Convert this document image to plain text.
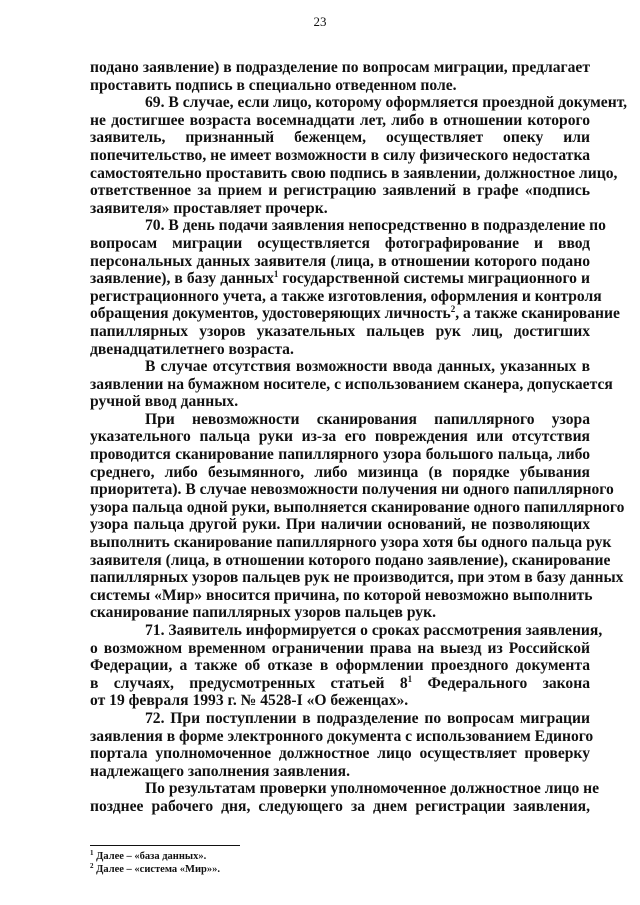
23

подано заявление) в подразделение по вопросам миграции, предлагает
проставить подпись в специально отведенном поле.

69. В случае, если лицо, которому оформляется проездной документ,
не достигшее возраста восемнадцати лет, либо в отношении которого
заявитель, признанный беженцем, осуществляет опеку или
попечительство, не имеет возможности в силу физического недостатка
самостоятельно проставить свою подпись в заявлении, должностное лицо,
ответственное за прием и регистрацию заявлений в графе «подпись
заявителя» проставляет прочерк.

70. В день подачи заявления непосредственно в подразделение по
вопросам миграции осуществляется фотографирование и ввод
персональных данных заявителя (лица, в отношении которого подано
заявление), в базу данных$^1$ государственной системы миграционного и
регистрационного учета, а также изготовления, оформления и контроля
обращения документов, удостоверяющих личность$^2$, а также сканирование
папиллярных узоров указательных пальцев рук лиц, достигших
двенадцатилетнего возраста.

В случае отсутствия возможности ввода данных, указанных в
заявлении на бумажном носителе, с использованием сканера, допускается
ручной ввод данных.

При невозможности сканирования папиллярного узора
указательного пальца руки из-за его повреждения или отсутствия
проводится сканирование папиллярного узора большого пальца, либо
среднего, либо безымянного, либо мизинца (в порядке убывания
приоритета). В случае невозможности получения ни одного папиллярного
узора пальца одной руки, выполняется сканирование одного папиллярного
узора пальца другой руки. При наличии оснований, не позволяющих
выполнить сканирование папиллярного узора хотя бы одного пальца рук
заявителя (лица, в отношении которого подано заявление), сканирование
папиллярных узоров пальцев рук не производится, при этом в базу данных
системы «Мир» вносится причина, по которой невозможно выполнить
сканирование папиллярных узоров пальцев рук.

71. Заявитель информируется о сроках рассмотрения заявления,
о возможном временном ограничении права на выезд из Российской
Федерации, а также об отказе в оформлении проездного документа
в случаях, предусмотренных статьей $8^1$ Федерального закона
от 19 февраля 1993 г. № 4528-I «О беженцах».

72. При поступлении в подразделение по вопросам миграции
заявления в форме электронного документа с использованием Единого
портала уполномоченное должностное лицо осуществляет проверку
надлежащего заполнения заявления.

По результатам проверки уполномоченное должностное лицо не
позднее рабочего дня, следующего за днем регистрации заявления,

$^1$ Далее – «база данных».

$^2$ Далее – «система «Мир»».
